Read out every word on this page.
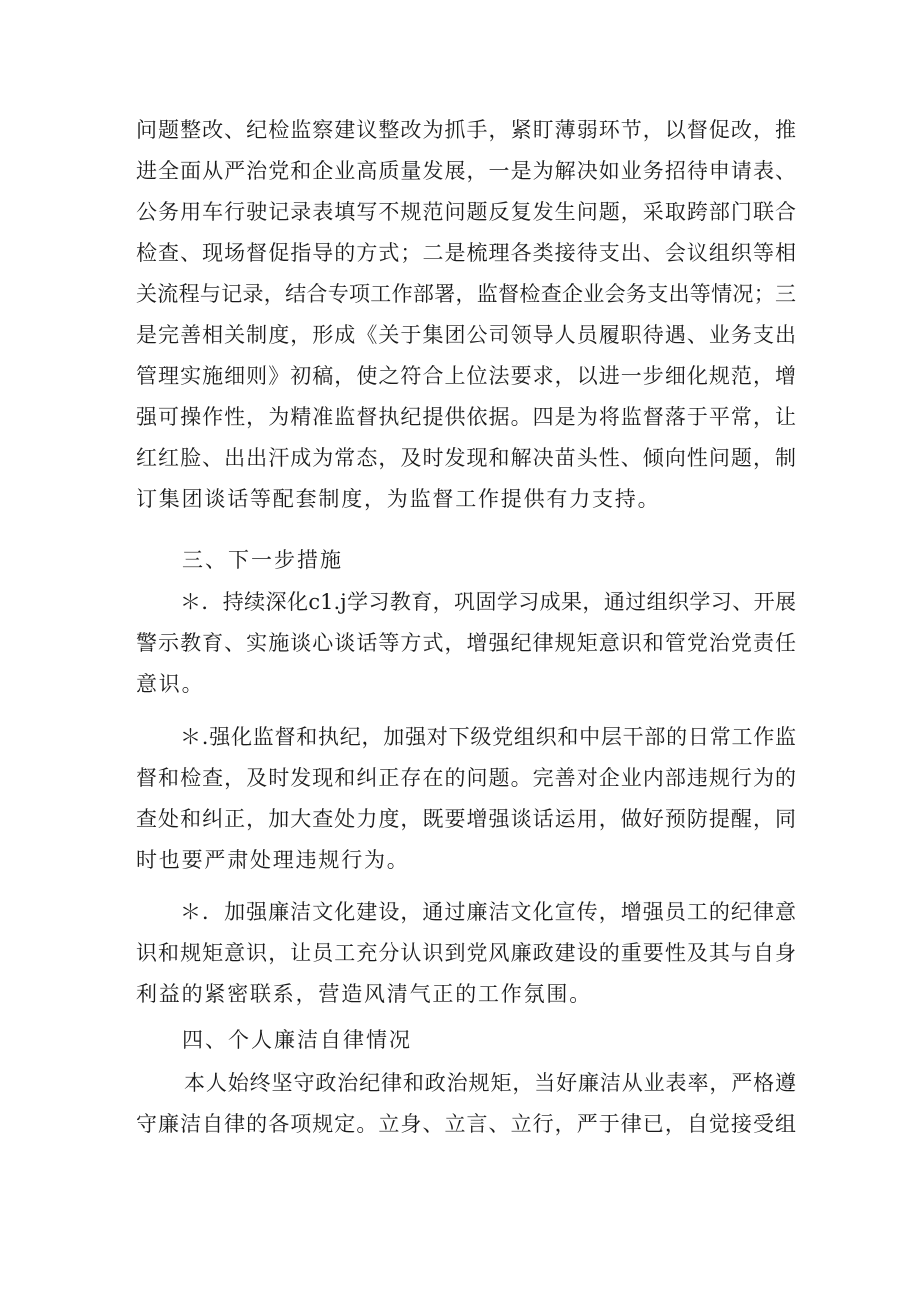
问题整改、纪检监察建议整改为抓手，紧盯薄弱环节，以督促改，推
进全面从严治党和企业高质量发展，一是为解决如业务招待申请表、
公务用车行驶记录表填写不规范问题反复发生问题，采取跨部门联合
检查、现场督促指导的方式；二是梳理各类接待支出、会议组织等相
关流程与记录，结合专项工作部署，监督检查企业会务支出等情况；三
是完善相关制度，形成《关于集团公司领导人员履职待遇、业务支出
管理实施细则》初稿，使之符合上位法要求，以进一步细化规范，增
强可操作性，为精准监督执纪提供依据。四是为将监督落于平常，让
红红脸、出出汗成为常态，及时发现和解决苗头性、倾向性问题，制
订集团谈话等配套制度，为监督工作提供有力支持。
三、下一步措施
＊．持续深化c1.j学习教育，巩固学习成果，通过组织学习、开展
警示教育、实施谈心谈话等方式，增强纪律规矩意识和管党治党责任
意识。
＊.强化监督和执纪，加强对下级党组织和中层干部的日常工作监
督和检查，及时发现和纠正存在的问题。完善对企业内部违规行为的
查处和纠正，加大查处力度，既要增强谈话运用，做好预防提醒，同
时也要严肃处理违规行为。
＊．加强廉洁文化建设，通过廉洁文化宣传，增强员工的纪律意
识和规矩意识，让员工充分认识到党风廉政建设的重要性及其与自身
利益的紧密联系，营造风清气正的工作氛围。
四、个人廉洁自律情况
本人始终坚守政治纪律和政治规矩，当好廉洁从业表率，严格遵
守廉洁自律的各项规定。立身、立言、立行，严于律已，自觉接受组
